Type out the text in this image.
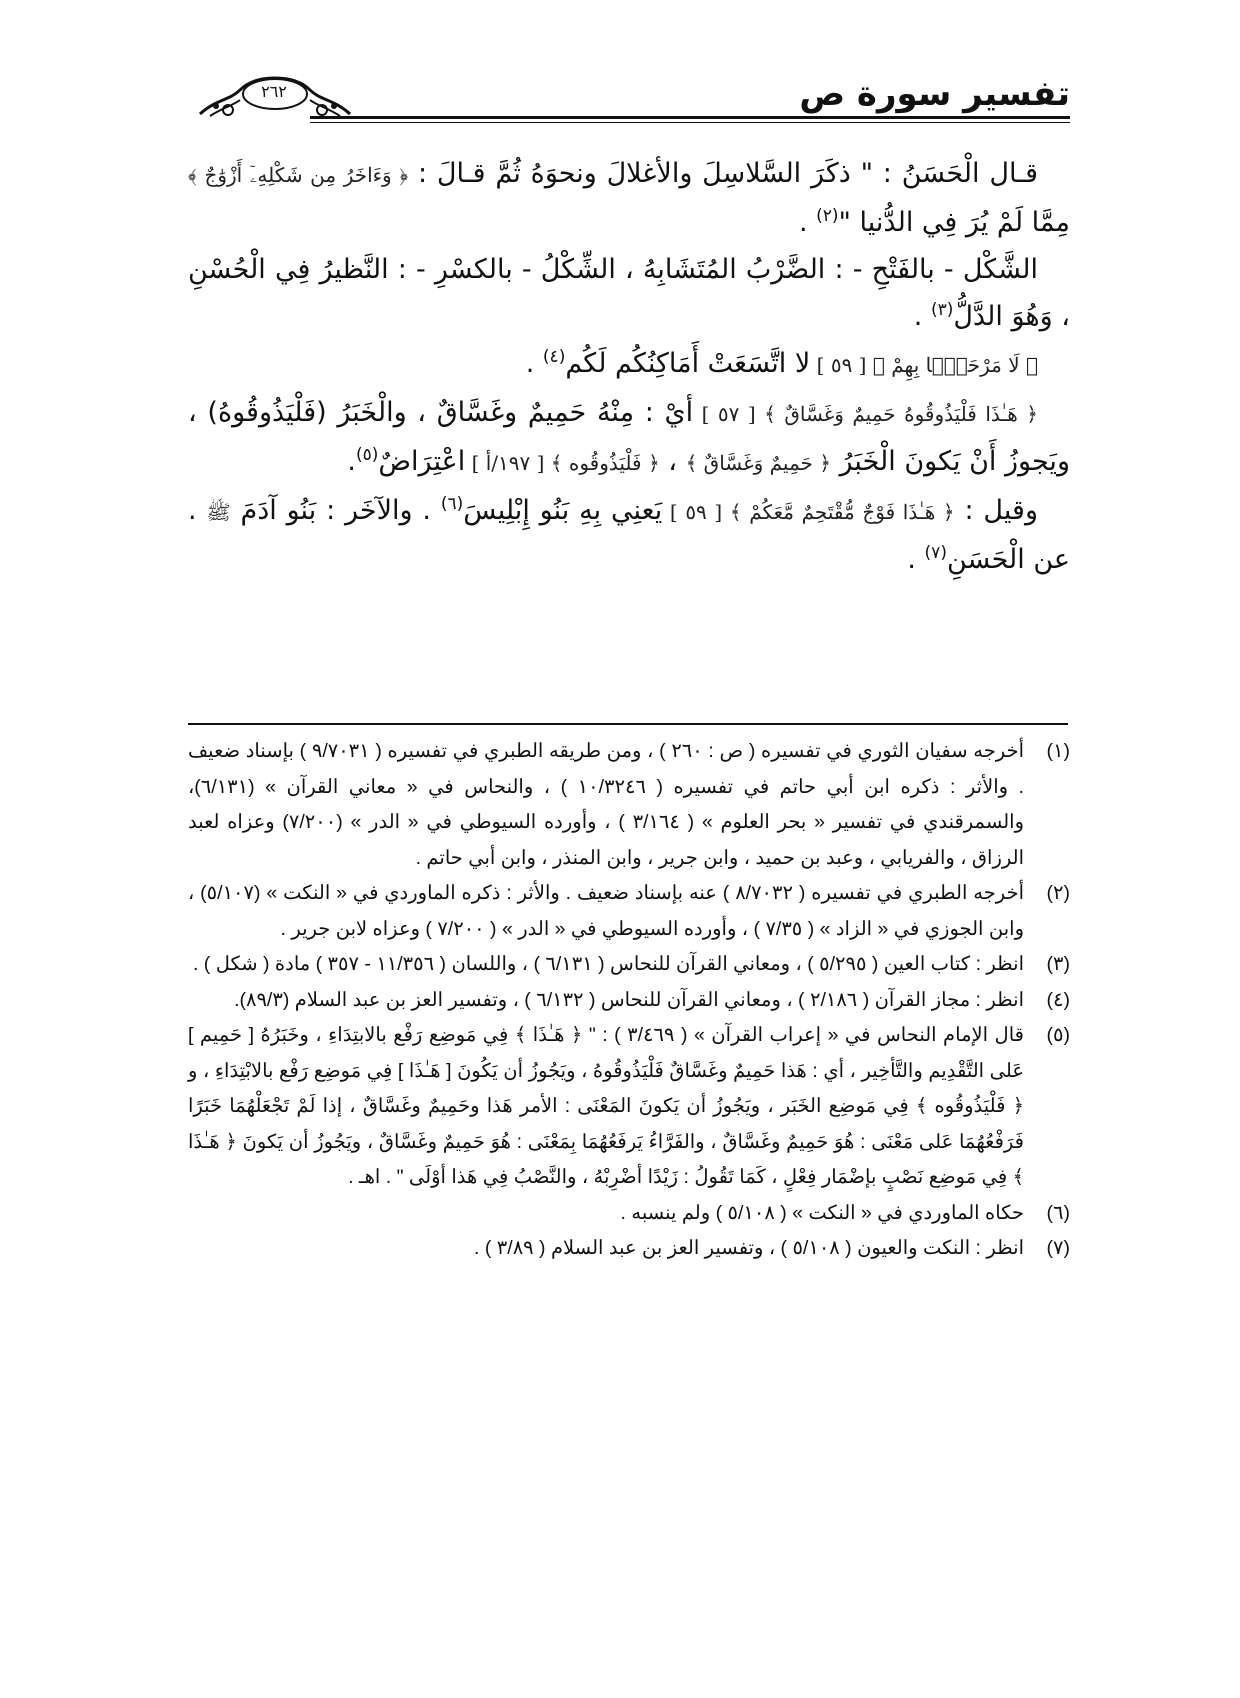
تفسير سورة ص
٢٦٢

قـال الْحَسَنُ : " ذكَرَ السَّلاسِلَ والأغلالَ ونحوَهُ ثُمَّ قـالَ : ﴿ وَءَاخَرُ مِن شَكْلِهِۦٓ أَزْوَٰجٌ ﴾ مِمَّا لَمْ يُرَ فِي الدُّنيا "$^{(٢)}$ .

الشَّكْل - بالفَتْحِ - : الضَّرْبُ المُتَشَابِهُ ، الشِّكْلُ - بالكسْرِ - : النَّظيرُ فِي الْحُسْنِ ، وَهُوَ الدَّلُّ$^{(٣)}$ .

﴿ لَا مَرْحَبًۢا بِهِمْ ﴾ [ ٥٩ ] لا اتَّسَعَتْ أَمَاكِنُكُم لَكُم$^{(٤)}$ .

﴿ هَـٰذَا فَلْيَذُوقُوهُ حَمِيمٌ وَغَسَّاقٌ ﴾ [ ٥٧ ] أيْ : مِنْهُ حَمِيمٌ وغَسَّاقٌ ، والْخَبَرُ (فَلْيَذُوقُوهُ) ، ويَجوزُ أَنْ يَكونَ الْخَبَرُ ﴿ حَمِيمٌ وَغَسَّاقٌ ﴾ ، ﴿ فَلْيَذُوقُوه ﴾ [ ١٩٧/أ ] اعْتِرَاضٌ$^{(٥)}$.

وقيل : ﴿ هَـٰذَا فَوْجٌ مُّقْتَحِمٌ مَّعَكُمْ ﴾ [ ٥٩ ] يَعنِي بِهِ بَنُو إِبْلِيسَ$^{(٦)}$ . والآخَر : بَنُو آدَمَ ﷺ . عن الْحَسَنِ$^{(٧)}$ .

(١)
أخرجه سفيان الثوري في تفسيره ( ص : ٢٦٠ ) ، ومن طريقه الطبري في تفسيره ( ٩/٧٠٣١ ) بإسناد ضعيف . والأثر : ذكره ابن أبي حاتم في تفسيره ( ١٠/٣٢٤٦ ) ، والنحاس في « معاني القرآن » (٦/١٣١)، والسمرقندي في تفسير « بحر العلوم » ( ٣/١٦٤ ) ، وأورده السيوطي في « الدر » (٧/٢٠٠) وعزاه لعبد الرزاق ، والفريابي ، وعبد بن حميد ، وابن جرير ، وابن المنذر ، وابن أبي حاتم .
(٢)
أخرجه الطبري في تفسيره ( ٨/٧٠٣٢ ) عنه بإسناد ضعيف . والأثر : ذكره الماوردي في « النكت » (٥/١٠٧) ، وابن الجوزي في « الزاد » ( ٧/٣٥ ) ، وأورده السيوطي في « الدر » ( ٧/٢٠٠ ) وعزاه لابن جرير .
(٣)
انظر : كتاب العين ( ٥/٢٩٥ ) ، ومعاني القرآن للنحاس ( ٦/١٣١ ) ، واللسان ( ١١/٣٥٦ - ٣٥٧ ) مادة ( شكل ) .
(٤)
انظر : مجاز القرآن ( ٢/١٨٦ ) ، ومعاني القرآن للنحاس ( ٦/١٣٢ ) ، وتفسير العز بن عبد السلام (٨٩/٣).
(٥)
قال الإمام النحاس في « إعراب القرآن » ( ٣/٤٦٩ ) : " ﴿ هَـٰذَا ﴾ فِي مَوضِع رَفْع بالابتِدَاءِ ، وخَبَرُهُ [ حَمِيم ] عَلى التَّقْدِيم والتَّأخِير ، أي : هَذا حَمِيمٌ وغَسَّاقٌ فَلْيَذُوقُوهُ ، ويَجُوزُ أن يَكُونَ [ هَـٰذَا ] فِي مَوضِع رَفْع بالابْتِدَاءِ ، و ﴿ فَلْيَذُوقُوه ﴾ فِي مَوضِع الخَبَر ، ويَجُوزُ أن يَكونَ المَعْنَى : الأمر هَذا وحَمِيمٌ وغَسَّاقٌ ، إذا لَمْ تَجْعَلْهُمَا خَبَرًا فَرَفْعُهُمَا عَلى مَعْنَى : هُوَ حَمِيمٌ وغَسَّاقٌ ، والفَرَّاءُ يَرفَعُهُمَا بِمَعْنَى : هُوَ حَمِيمٌ وغَسَّاقٌ ، ويَجُوزُ أن يَكونَ ﴿ هَـٰذَا ﴾ فِي مَوضِع نَصْبٍ بإضْمَار فِعْلٍ ، كَمَا تَقُولُ : زَيْدًا أضْرِبْهُ ، والنَّصْبُ فِي هَذا أوْلَى " . اهـ .
(٦)
حكاه الماوردي في « النكت » ( ٥/١٠٨ ) ولم ينسبه .
(٧)
انظر : النكت والعيون ( ٥/١٠٨ ) ، وتفسير العز بن عبد السلام ( ٣/٨٩ ) .
